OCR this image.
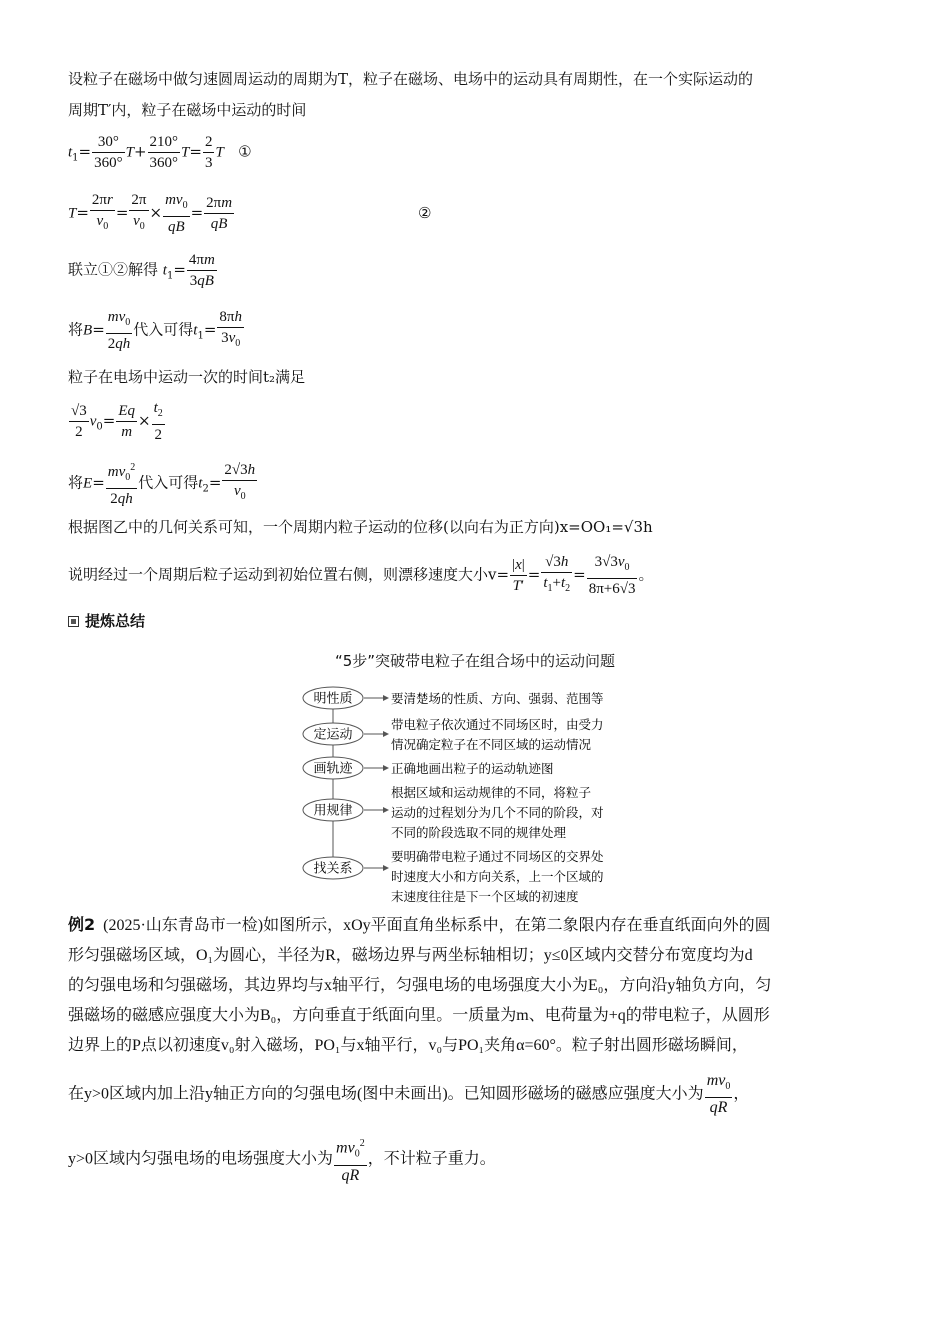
设粒子在磁场中做匀速圆周运动的周期为T，粒子在磁场、电场中的运动具有周期性，在一个实际运动的
周期T′内，粒子在磁场中运动的时间
$t_1= \frac{30^\circ}{360^\circ} T+ \frac{210^\circ}{360^\circ} T= \frac{2}{3}$ T ①
$T= \frac{2\pi r}{v_0} = \frac{2\pi}{v_0} \times \frac{mv_0}{qB} = \frac{2\pi m}{qB}$	②
联立①②解得 $t_1= \frac{4\pi m}{3qB}$
将$B= \frac{mv_0}{2qh}$ 代入可得$t_1= \frac{8\pi h}{3v_0}$
粒子在电场中运动一次的时间t₂满足
$\frac{√3}{2} v_0= \frac{Eq}{m} \times \frac{t_2}{2}$
将$E= \frac{mv_0^2}{2qh}$ 代入可得$t_2= \frac{2√3h}{v_0}$
根据图乙中的几何关系可知，一个周期内粒子运动的位移(以向右为正方向)x=OO₁=√3h
说明经过一个周期后粒子运动到初始位置右侧，则漂移速度大小$v= \frac{|x|}{T'} = \frac{√3h}{t_1+t_2} = \frac{3√3v_0}{8\pi+6√3}$ 。
提炼总结
“5步”突破带电粒子在组合场中的运动问题
明性质	要清楚场的性质、方向、强弱、范围等
定运动
带电粒子依次通过不同场区时，由受力
情况确定粒子在不同区域的运动情况
画轨迹	正确地画出粒子的运动轨迹图
用规律
根据区域和运动规律的不同，将粒子
运动的过程划分为几个不同的阶段，对
不同的阶段选取不同的规律处理
找关系
要明确带电粒子通过不同场区的交界处
时速度大小和方向关系，上一个区域的
末速度往往是下一个区域的初速度
例2 (2025·山东青岛市一检)如图所示，xOy平面直角坐标系中，在第二象限内存在垂直纸面向外的圆
形匀强磁场区域，O₁为圆心，半径为R，磁场边界与两坐标轴相切；y≤0区域内交替分布宽度均为d
的匀强电场和匀强磁场，其边界均与x轴平行，匀强电场的电场强度大小为E₀，方向沿y轴负方向，匀
强磁场的磁感应强度大小为B₀，方向垂直于纸面向里。一质量为m、电荷量为+q的带电粒子，从圆形
边界上的P点以初速度v₀射入磁场，PO₁与x轴平行，v₀与PO₁夹角α=60°。粒子射出圆形磁场瞬间，
在y>0区域内加上沿y轴正方向的匀强电场(图中未画出)。已知圆形磁场的磁感应强度大小为 $\frac{mv_0}{qR}$ ，
y>0区域内匀强电场的电场强度大小为 $\frac{mv_0^2}{qR}$ ，不计粒子重力。
